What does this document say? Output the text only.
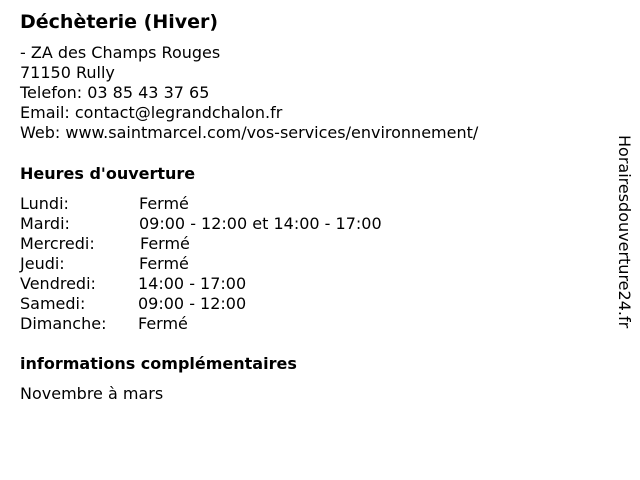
Déchèterie (Hiver)
- ZA des Champs Rouges
71150 Rully
Telefon: 03 85 43 37 65
Email: contact@legrandchalon.fr
Web: www.saintmarcel.com/vos-services/environnement/
Heures d'ouverture
Lundi:	Fermé
Mardi:	09:00 - 12:00 et 14:00 - 17:00
Mercredi:	Fermé
Jeudi:	Fermé
Vendredi:	14:00 - 17:00
Samedi:	09:00 - 12:00
Dimanche: Fermé
informations complémentaires
Novembre à mars
Horairesdouverture24.fr
